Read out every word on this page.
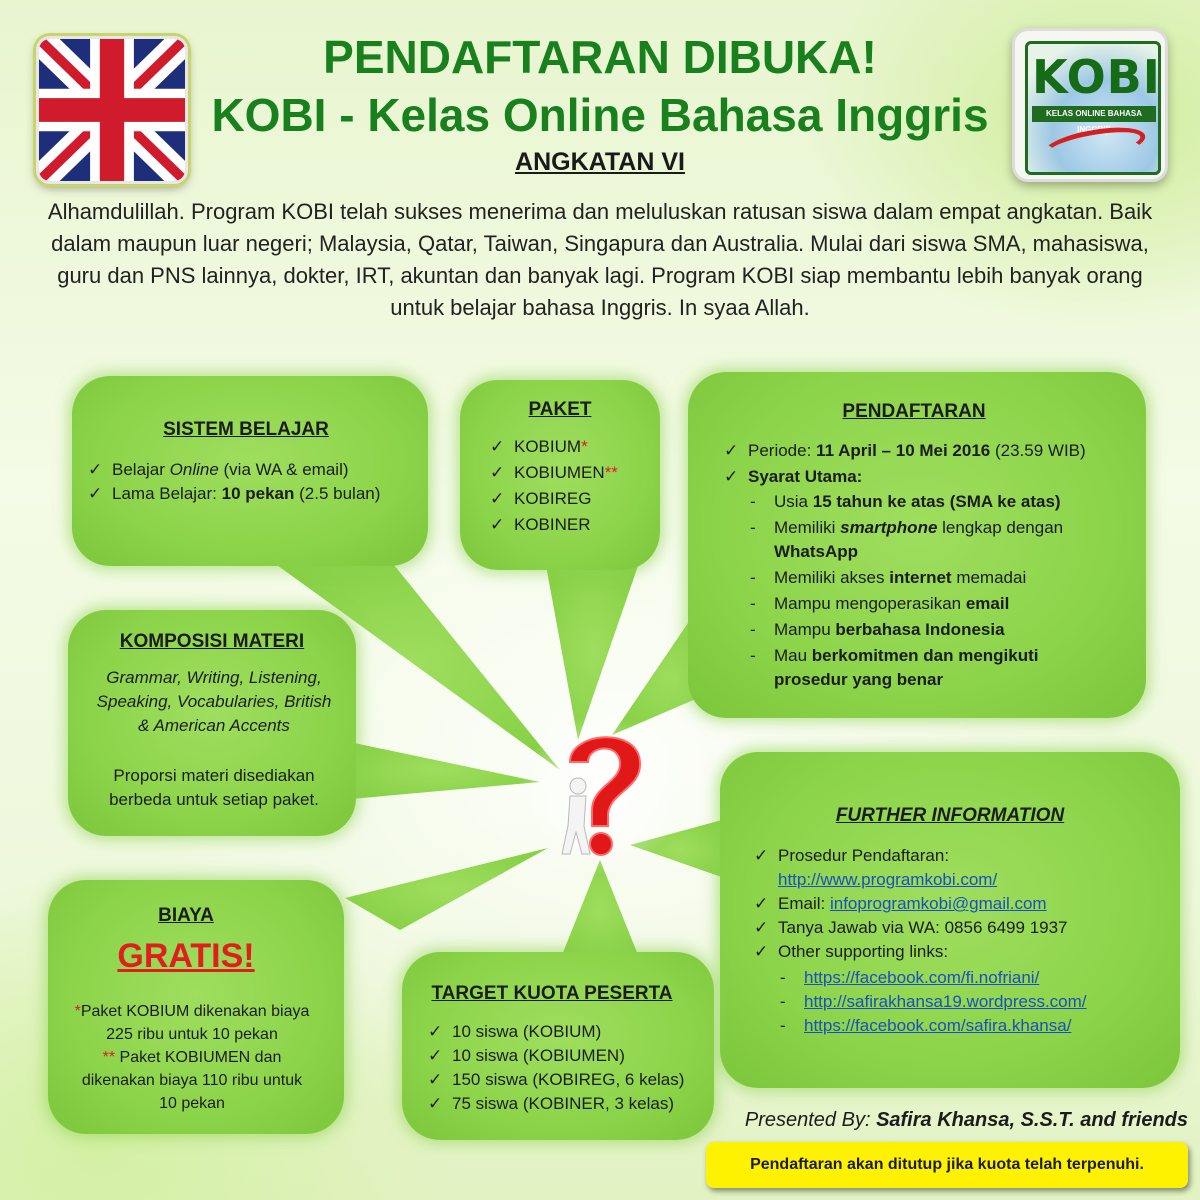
KOBI
KELAS ONLINE BAHASA INGGRIS
PENDAFTARAN DIBUKA!
KOBI - Kelas Online Bahasa Inggris
ANGKATAN VI
Alhamdulillah. Program KOBI telah sukses menerima dan meluluskan ratusan siswa dalam empat angkatan. Baik dalam maupun luar negeri; Malaysia, Qatar, Taiwan, Singapura dan Australia. Mulai dari siswa SMA, mahasiswa, guru dan PNS lainnya, dokter, IRT, akuntan dan banyak lagi. Program KOBI siap membantu lebih banyak orang untuk belajar bahasa Inggris. In syaa Allah.
SISTEM BELAJAR
✓ Belajar Online (via WA & email)
✓ Lama Belajar: 10 pekan (2.5 bulan)
PAKET
✓ KOBIUM*
✓ KOBIUMEN**
✓ KOBIREG
✓ KOBINER
PENDAFTARAN
✓ Periode: 11 April – 10 Mei 2016 (23.59 WIB)
✓ Syarat Utama:
- Usia 15 tahun ke atas (SMA ke atas)
- Memiliki smartphone lengkap dengan WhatsApp
- Memiliki akses internet memadai
- Mampu mengoperasikan email
- Mampu berbahasa Indonesia
- Mau berkomitmen dan mengikuti prosedur yang benar
KOMPOSISI MATERI
Grammar, Writing, Listening, Speaking, Vocabularies, British & American Accents
Proporsi materi disediakan berbeda untuk setiap paket.
FURTHER INFORMATION
✓ Prosedur Pendaftaran:
http://www.programkobi.com/
✓ Email: infoprogramkobi@gmail.com
✓ Tanya Jawab via WA: 0856 6499 1937
✓ Other supporting links:
- https://facebook.com/fi.nofriani/
- http://safirakhansa19.wordpress.com/
- https://facebook.com/safira.khansa/
BIAYA
GRATIS!
*Paket KOBIUM dikenakan biaya 225 ribu untuk 10 pekan
** Paket KOBIUMEN dan dikenakan biaya 110 ribu untuk 10 pekan
TARGET KUOTA PESERTA
✓ 10 siswa (KOBIUM)
✓ 10 siswa (KOBIUMEN)
✓ 150 siswa (KOBIREG, 6 kelas)
✓ 75 siswa (KOBINER, 3 kelas)
Presented By: Safira Khansa, S.S.T. and friends
Pendaftaran akan ditutup jika kuota telah terpenuhi.
